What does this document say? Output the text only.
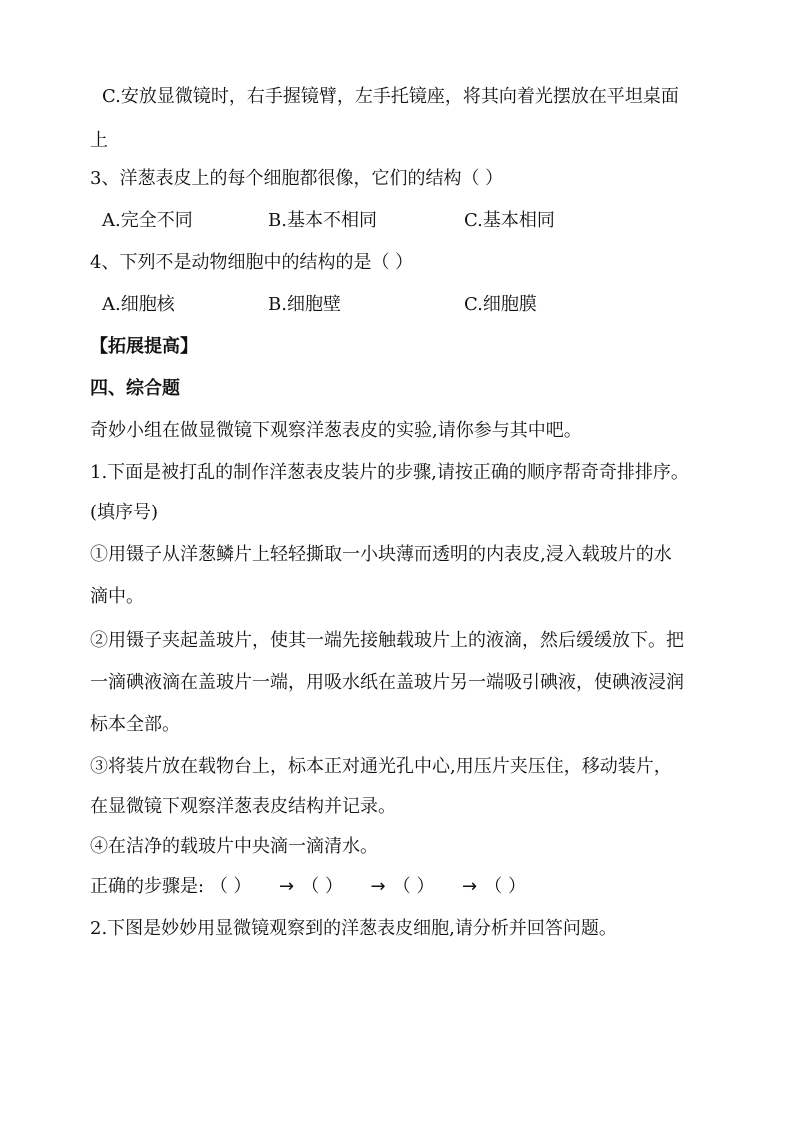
C.安放显微镜时，右手握镜臂，左手托镜座，将其向着光摆放在平坦桌面
上
3、洋葱表皮上的每个细胞都很像，它们的结构（ ）
A.完全不同	B.基本不相同	C.基本相同
4、下列不是动物细胞中的结构的是（ ）
A.细胞核	B.细胞壁	C.细胞膜
【拓展提高】
四、综合题
奇妙小组在做显微镜下观察洋葱表皮的实验,请你参与其中吧。
1.下面是被打乱的制作洋葱表皮装片的步骤,请按正确的顺序帮奇奇排排序。
(填序号)
①用镊子从洋葱鳞片上轻轻撕取一小块薄而透明的内表皮,浸入载玻片的水
滴中。
②用镊子夹起盖玻片，使其一端先接触载玻片上的液滴，然后缓缓放下。把
一滴碘液滴在盖玻片一端，用吸水纸在盖玻片另一端吸引碘液，使碘液浸润
标本全部。
③将装片放在载物台上，标本正对通光孔中心,用压片夹压住，移动装片，
在显微镜下观察洋葱表皮结构并记录。
④在洁净的载玻片中央滴一滴清水。
正确的步骤是: （ ） → （ ） → （ ） → （ ）
2.下图是妙妙用显微镜观察到的洋葱表皮细胞,请分析并回答问题。
